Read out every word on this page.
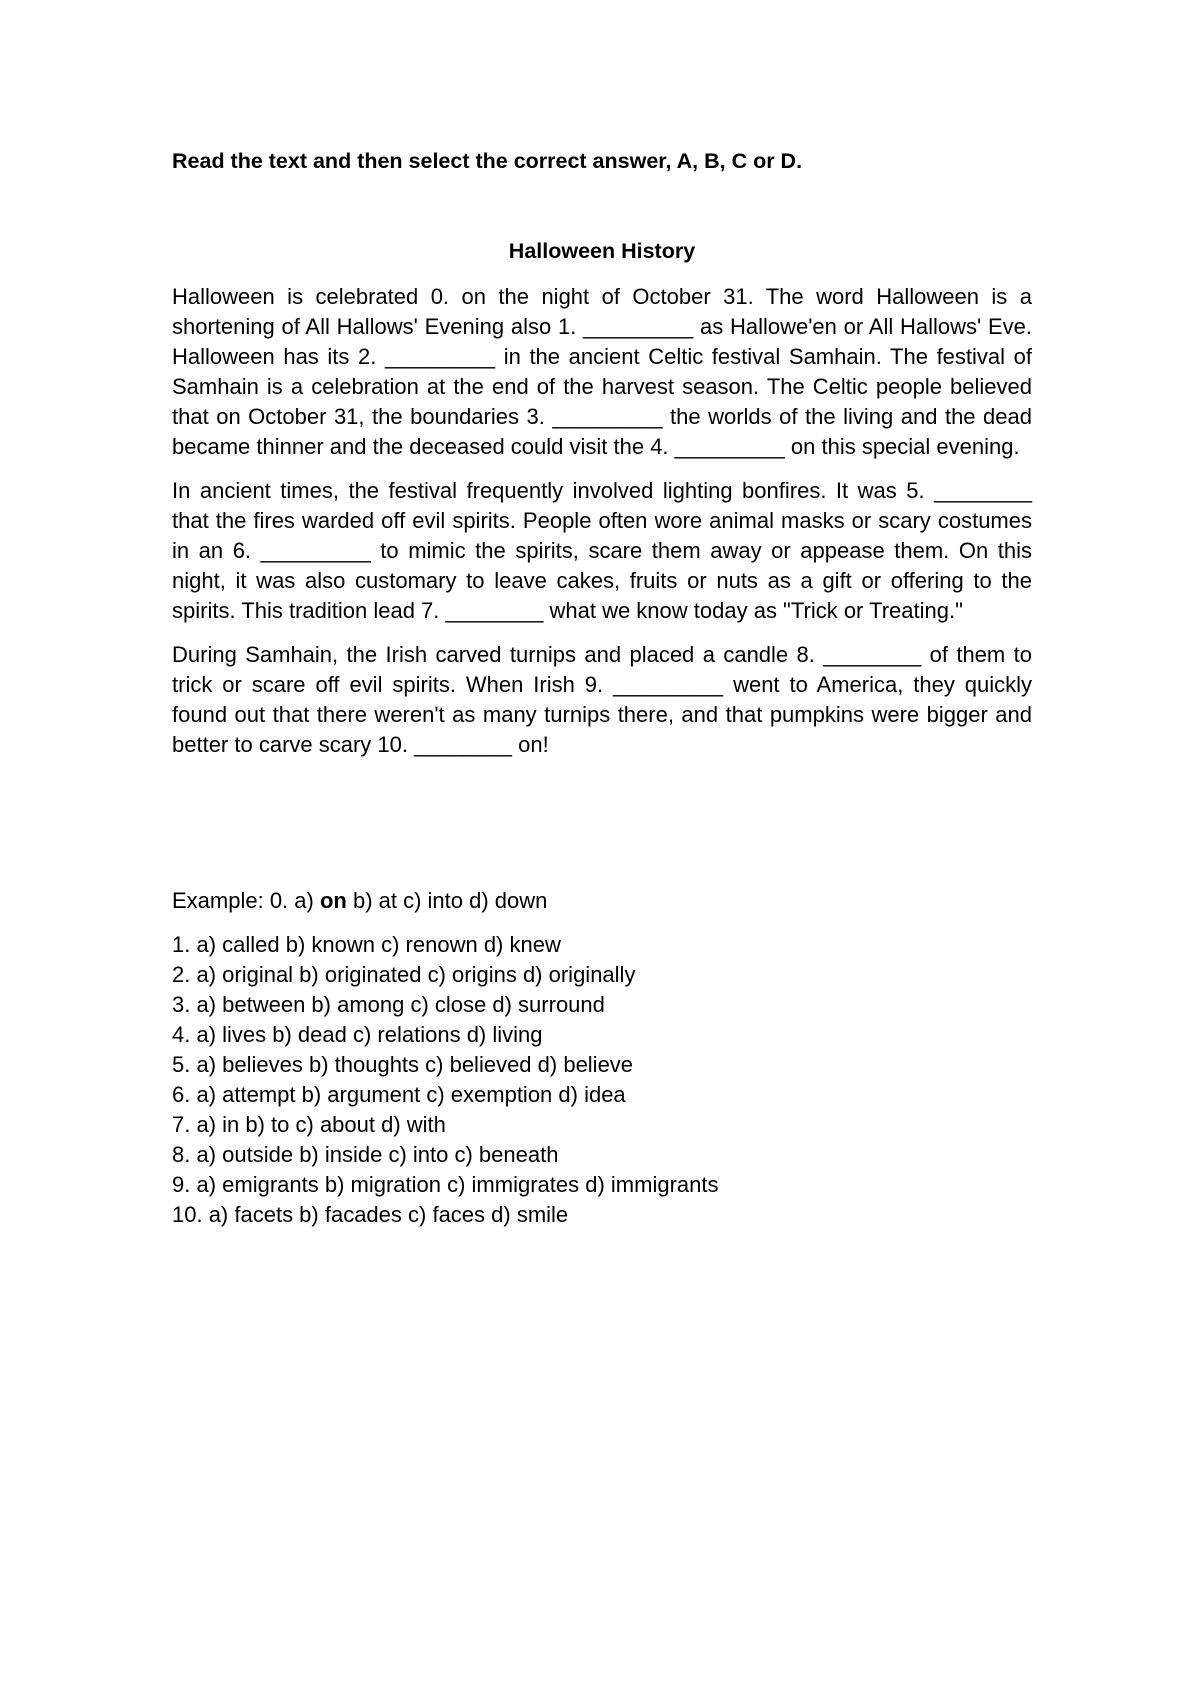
Read the text and then select the correct answer, A, B, C or D.

Halloween History

Halloween is celebrated 0. on the night of October 31. The word Halloween is a shortening of All Hallows' Evening also 1. _________ as Hallowe'en or All Hallows' Eve. Halloween has its 2. _________ in the ancient Celtic festival Samhain. The festival of Samhain is a celebration at the end of the harvest season. The Celtic people believed that on October 31, the boundaries 3. _________ the worlds of the living and the dead became thinner and the deceased could visit the 4. _________ on this special evening.

In ancient times, the festival frequently involved lighting bonfires. It was 5. ________ that the fires warded off evil spirits. People often wore animal masks or scary costumes in an 6. _________ to mimic the spirits, scare them away or appease them. On this night, it was also customary to leave cakes, fruits or nuts as a gift or offering to the spirits. This tradition lead 7. ________ what we know today as "Trick or Treating."

During Samhain, the Irish carved turnips and placed a candle 8. ________ of them to trick or scare off evil spirits. When Irish 9. _________ went to America, they quickly found out that there weren't as many turnips there, and that pumpkins were bigger and better to carve scary 10. ________ on!

Example: 0. a) on b) at c) into d) down

1. a) called b) known c) renown d) knew
2. a) original b) originated c) origins d) originally
3. a) between b) among c) close d) surround
4. a) lives b) dead c) relations d) living
5. a) believes b) thoughts c) believed d) believe
6. a) attempt b) argument c) exemption d) idea
7. a) in b) to c) about d) with
8. a) outside b) inside c) into c) beneath
9. a) emigrants b) migration c) immigrates d) immigrants
10. a) facets b) facades c) faces d) smile
